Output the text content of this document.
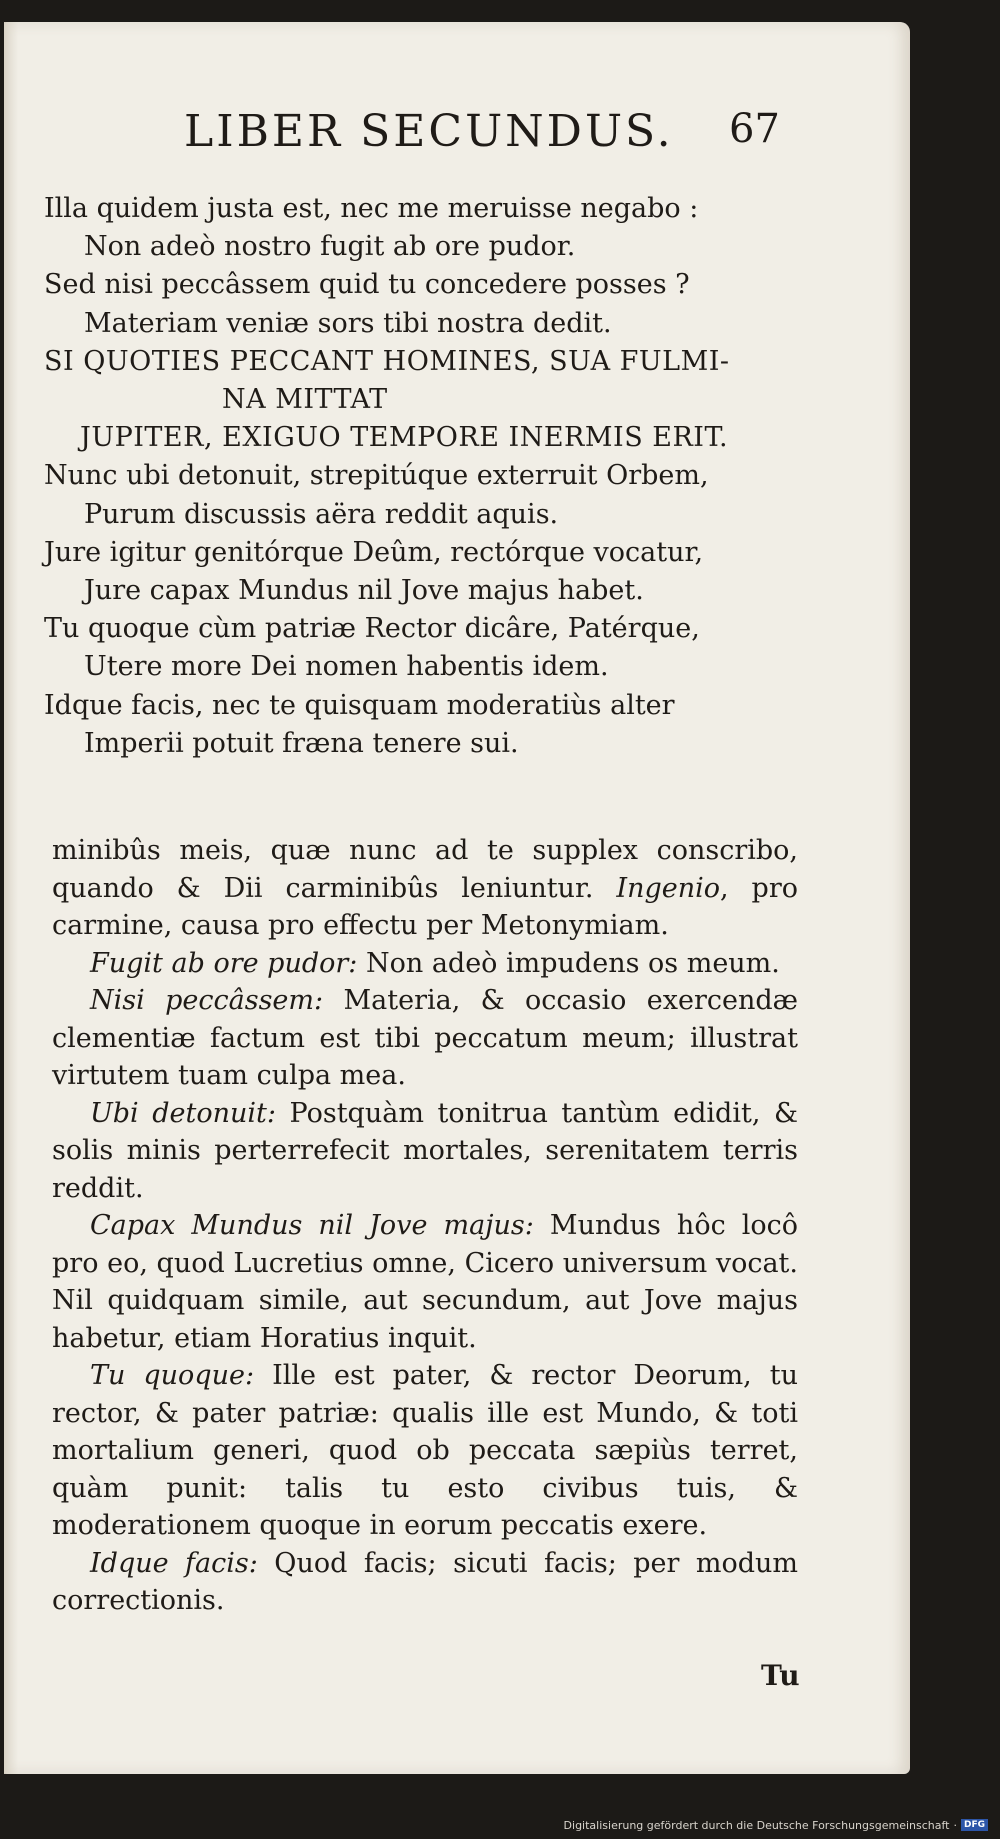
LIBER SECUNDUS. 67
Illa quidem justa est, nec me meruisse negabo :
Non adeò nostro fugit ab ore pudor.
Sed nisi peccâssem quid tu concedere posses ?
Materiam veniæ sors tibi nostra dedit.
SI QUOTIES PECCANT HOMINES, SUA FULMI-
NA MITTAT
JUPITER, EXIGUO TEMPORE INERMIS ERIT.
Nunc ubi detonuit, strepitúque exterruit Orbem,
Purum discussis aëra reddit aquis.
Jure igitur genitórque Deûm, rectórque vocatur,
Jure capax Mundus nil Jove majus habet.
Tu quoque cùm patriæ Rector dicâre, Patérque,
Utere more Dei nomen habentis idem.
Idque facis, nec te quisquam moderatiùs alter
Imperii potuit fræna tenere sui.

minibûs meis, quæ nunc ad te supplex conscribo, quando & Dii carminibûs leniuntur. Ingenio, pro carmine, causa pro effectu per Metonymiam.

Fugit ab ore pudor: Non adeò impudens os meum.

Nisi peccâssem: Materia, & occasio exercendæ clementiæ factum est tibi peccatum meum; illustrat virtutem tuam culpa mea.

Ubi detonuit: Postquàm tonitrua tantùm edidit, & solis minis perterrefecit mortales, serenitatem terris reddit.

Capax Mundus nil Jove majus: Mundus hôc locô pro eo, quod Lucretius omne, Cicero universum vocat. Nil quidquam simile, aut secundum, aut Jove majus habetur, etiam Horatius inquit.

Tu quoque: Ille est pater, & rector Deorum, tu rector, & pater patriæ: qualis ille est Mundo, & toti mortalium generi, quod ob peccata sæpiùs terret, quàm punit: talis tu esto civibus tuis, & moderationem quoque in eorum peccatis exere.

Idque facis: Quod facis; sicuti facis; per modum correctionis.

Tu
Digitalisierung gefördert durch die Deutsche Forschungsgemeinschaft · DFG
